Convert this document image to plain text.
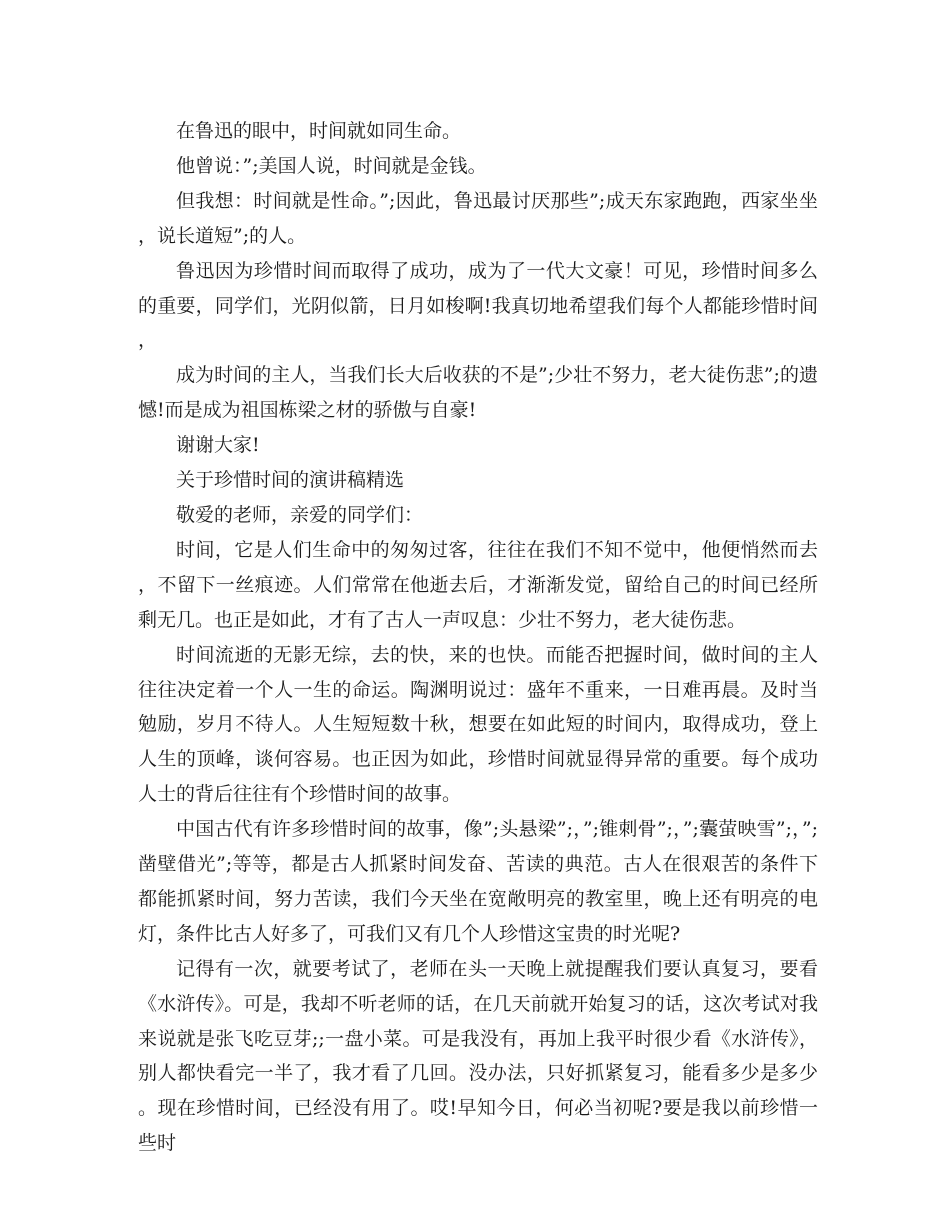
在鲁迅的眼中，时间就如同生命。

他曾说：”;美国人说，时间就是金钱。

但我想：时间就是性命。”;因此，鲁迅最讨厌那些”;成天东家跑跑，西家坐坐，说长道短”;的人。

鲁迅因为珍惜时间而取得了成功，成为了一代大文豪！可见，珍惜时间多么的重要，同学们，光阴似箭，日月如梭啊!我真切地希望我们每个人都能珍惜时间，

成为时间的主人，当我们长大后收获的不是”;少壮不努力，老大徒伤悲”;的遗憾!而是成为祖国栋梁之材的骄傲与自豪!

谢谢大家!

关于珍惜时间的演讲稿精选

敬爱的老师，亲爱的同学们：

时间，它是人们生命中的匆匆过客，往往在我们不知不觉中，他便悄然而去，不留下一丝痕迹。人们常常在他逝去后，才渐渐发觉，留给自己的时间已经所剩无几。也正是如此，才有了古人一声叹息：少壮不努力，老大徒伤悲。

时间流逝的无影无综，去的快，来的也快。而能否把握时间，做时间的主人往往决定着一个人一生的命运。陶渊明说过：盛年不重来，一日难再晨。及时当勉励，岁月不待人。人生短短数十秋，想要在如此短的时间内，取得成功，登上人生的顶峰，谈何容易。也正因为如此，珍惜时间就显得异常的重要。每个成功人士的背后往往有个珍惜时间的故事。

中国古代有许多珍惜时间的故事，像”;头悬梁”;，”;锥刺骨”;，”;囊萤映雪”;，”;凿壁借光”;等等，都是古人抓紧时间发奋、苦读的典范。古人在很艰苦的条件下都能抓紧时间，努力苦读，我们今天坐在宽敞明亮的教室里，晚上还有明亮的电灯，条件比古人好多了，可我们又有几个人珍惜这宝贵的时光呢?

记得有一次，就要考试了，老师在头一天晚上就提醒我们要认真复习，要看《水浒传》。可是，我却不听老师的话，在几天前就开始复习的话，这次考试对我来说就是张飞吃豆芽;;一盘小菜。可是我没有，再加上我平时很少看《水浒传》，别人都快看完一半了，我才看了几回。没办法，只好抓紧复习，能看多少是多少。现在珍惜时间，已经没有用了。哎!早知今日，何必当初呢?要是我以前珍惜一些时
